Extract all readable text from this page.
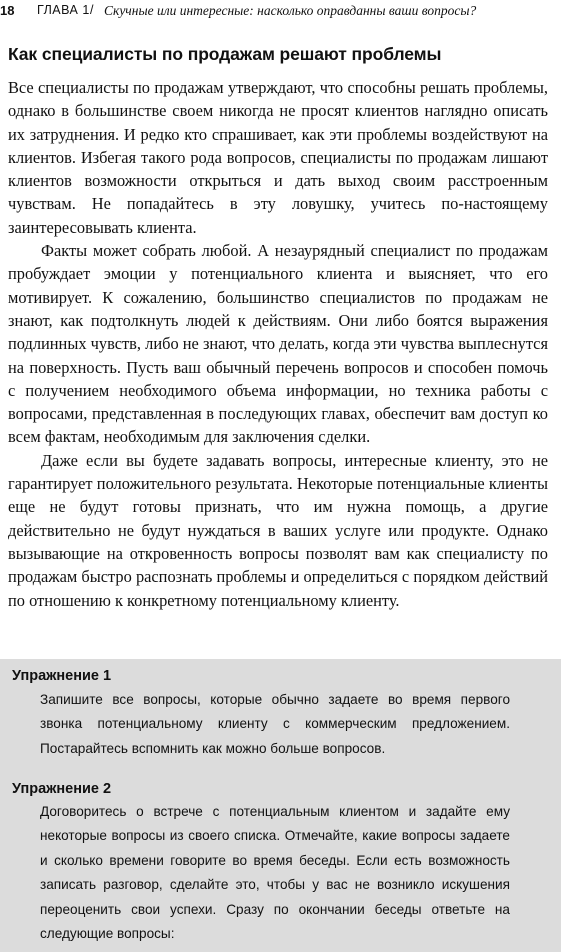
18 ГЛАВА 1 / Скучные или интересные: насколько оправданны ваши вопросы?
Как специалисты по продажам решают проблемы

Все специалисты по продажам утверждают, что способны решать проблемы, однако в большинстве своем никогда не просят клиентов наглядно описать их затруднения. И редко кто спрашивает, как эти проблемы воздействуют на клиентов. Избегая такого рода вопросов, специалисты по продажам лишают клиентов возможности открыться и дать выход своим расстроенным чувствам. Не попадайтесь в эту ловушку, учитесь по-настоящему заинтересовывать клиента.

Факты может собрать любой. А незаурядный специалист по продажам пробуждает эмоции у потенциального клиента и выясняет, что его мотивирует. К сожалению, большинство специалистов по продажам не знают, как подтолкнуть людей к действиям. Они либо боятся выражения подлинных чувств, либо не знают, что делать, когда эти чувства выплеснутся на поверхность. Пусть ваш обычный перечень вопросов и способен помочь с получением необходимого объема информации, но техника работы с вопросами, представленная в последующих главах, обеспечит вам доступ ко всем фактам, необходимым для заключения сделки.

Даже если вы будете задавать вопросы, интересные клиенту, это не гарантирует положительного результата. Некоторые потенциальные клиенты еще не будут готовы признать, что им нужна помощь, а другие действительно не будут нуждаться в ваших услуге или продукте. Однако вызывающие на откровенность вопросы позволят вам как специалисту по продажам быстро распознать проблемы и определиться с порядком действий по отношению к конкретному потенциальному клиенту.

Упражнение 1

Запишите все вопросы, которые обычно задаете во время первого звонка потенциальному клиенту с коммерческим предложением. Постарайтесь вспомнить как можно больше вопросов.

Упражнение 2

Договоритесь о встрече с потенциальным клиентом и задайте ему некоторые вопросы из своего списка. Отмечайте, какие вопросы задаете и сколько времени говорите во время беседы. Если есть возможность записать разговор, сделайте это, чтобы у вас не возникло искушения переоценить свои успехи. Сразу по окончании беседы ответьте на следующие вопросы:
